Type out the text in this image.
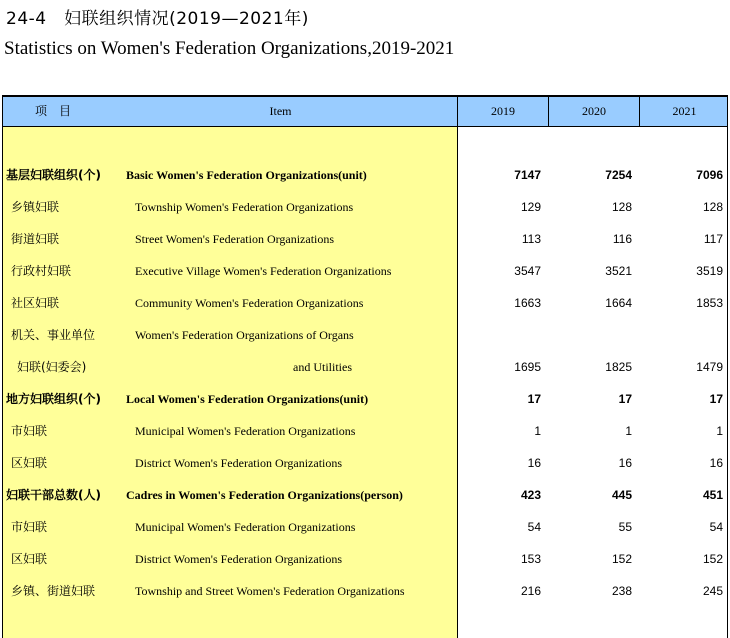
24-4　妇联组织情况(2019—2021年)
Statistics on Women's Federation Organizations,2019-2021
项　目	Item	2019	2020	2021
基层妇联组织(个) Basic Women's Federation Organizations(unit)	7147	7254	7096
乡镇妇联	Township Women's Federation Organizations	129	128	128
街道妇联	Street Women's Federation Organizations	113	116	117
行政村妇联	Executive Village Women's Federation Organizations	3547	3521	3519
社区妇联	Community Women's Federation Organizations	1663	1664	1853
机关、事业单位	Women's Federation Organizations of Organs
妇联(妇委会)	and Utilities	1695	1825	1479
地方妇联组织(个) Local Women's Federation Organizations(unit)	17	17	17
市妇联	Municipal Women's Federation Organizations	1	1	1
区妇联	District Women's Federation Organizations	16	16	16
妇联干部总数(人) Cadres in Women's Federation Organizations(person)	423	445	451
市妇联	Municipal Women's Federation Organizations	54	55	54
区妇联	District Women's Federation Organizations	153	152	152
乡镇、街道妇联	Township and Street Women's Federation Organizations	216	238	245
